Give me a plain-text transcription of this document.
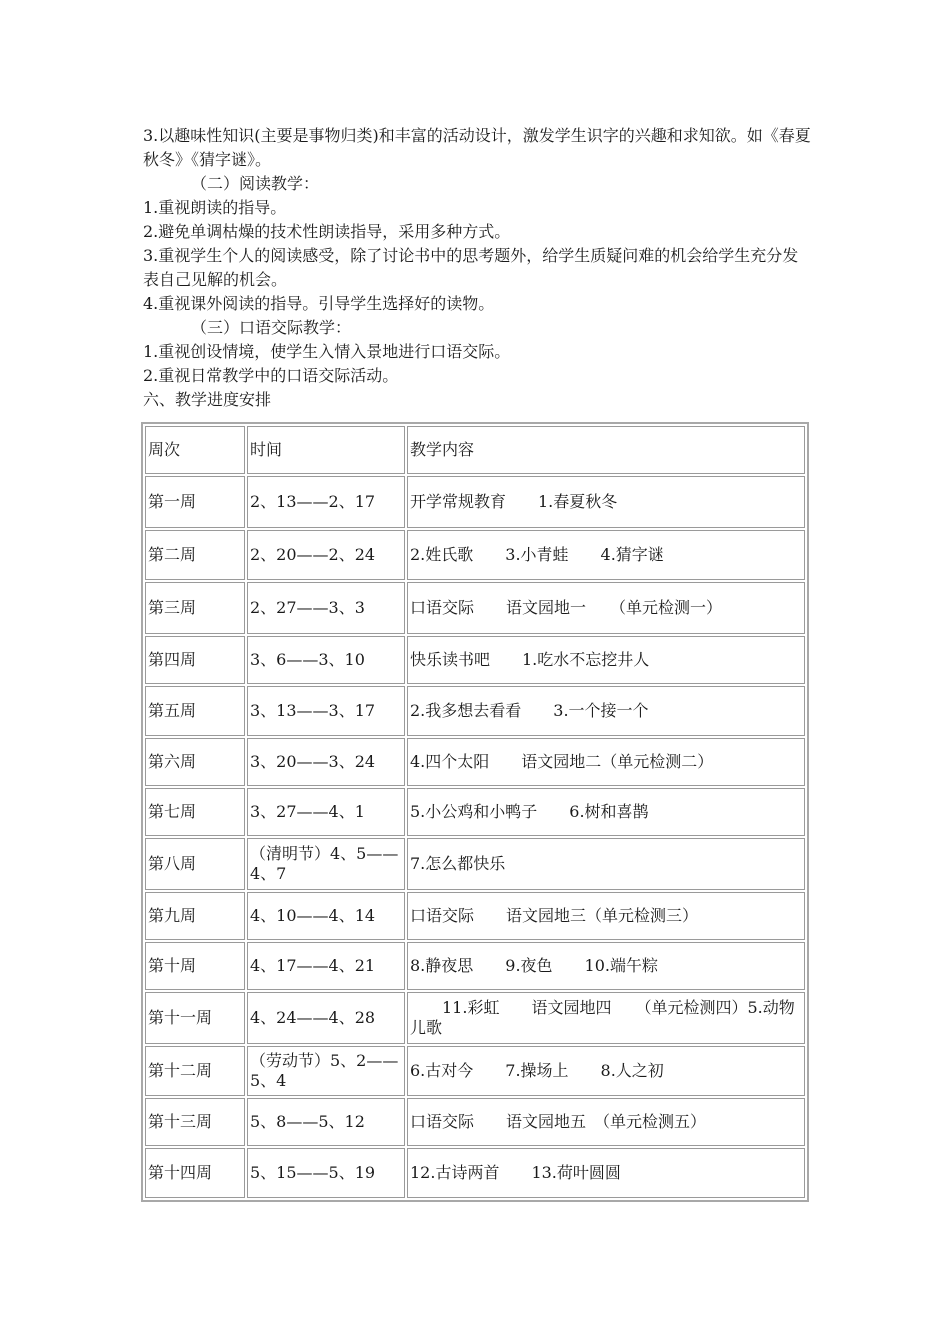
3.以趣味性知识(主要是事物归类)和丰富的活动设计，激发学生识字的兴趣和求知欲。如《春夏秋冬》《猜字谜》。

（二）阅读教学：

1.重视朗读的指导。

2.避免单调枯燥的技术性朗读指导，采用多种方式。

3.重视学生个人的阅读感受，除了讨论书中的思考题外，给学生质疑问难的机会给学生充分发表自己见解的机会。

4.重视课外阅读的指导。引导学生选择好的读物。

（三）口语交际教学：

1.重视创设情境，使学生入情入景地进行口语交际。

2.重视日常教学中的口语交际活动。

六、教学进度安排

周次	时间	教学内容
第一周	2、13——2、17	开学常规教育　　1.春夏秋冬
第二周	2、20——2、24	2.姓氏歌　　3.小青蛙　　4.猜字谜
第三周	2、27——3、3	口语交际　　语文园地一　　（单元检测一）
第四周	3、6——3、10	快乐读书吧　　1.吃水不忘挖井人
第五周	3、13——3、17	2.我多想去看看　　3.一个接一个
第六周	3、20——3、24	4.四个太阳　　语文园地二（单元检测二）
第七周	3、27——4、1	5.小公鸡和小鸭子　　6.树和喜鹊
第八周	（清明节）4、5——4、7	7.怎么都快乐
第九周	4、10——4、14	口语交际　　语文园地三（单元检测三）
第十周	4、17——4、21	8.静夜思　　9.夜色　　10.端午粽
第十一周	4、24——4、28	　　11.彩虹　　语文园地四　　（单元检测四）5.动物儿歌
第十二周	（劳动节）5、2——5、4	6.古对今　　7.操场上　　8.人之初
第十三周	5、8——5、12	口语交际　　语文园地五　（单元检测五）
第十四周	5、15——5、19	12.古诗两首　　13.荷叶圆圆
